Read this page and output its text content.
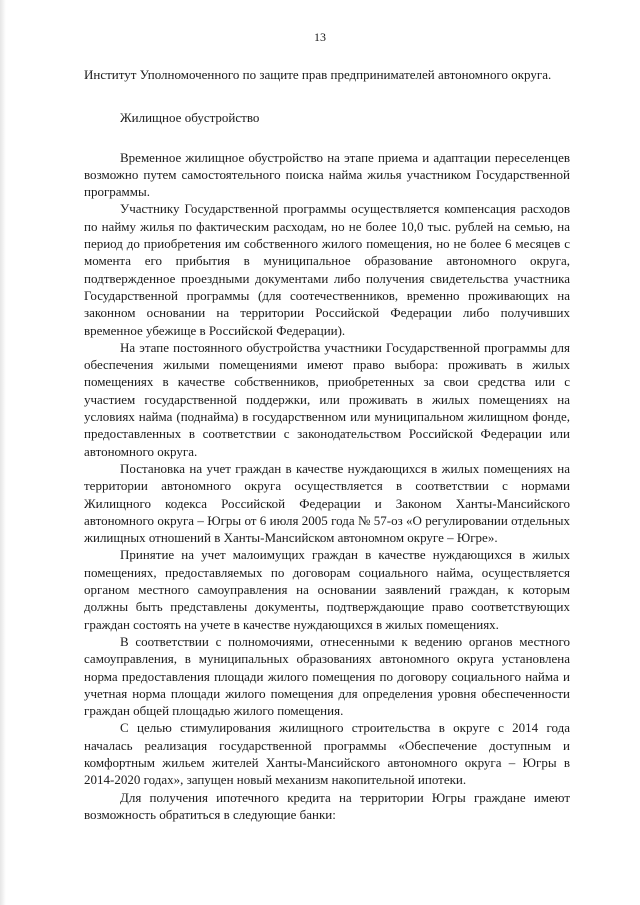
13

Институт Уполномоченного по защите прав предпринимателей автономного округа.

Жилищное обустройство

Временное жилищное обустройство на этапе приема и адаптации переселенцев возможно путем самостоятельного поиска найма жилья участником Государственной программы.

Участнику Государственной программы осуществляется компенсация расходов по найму жилья по фактическим расходам, но не более 10,0 тыс. рублей на семью, на период до приобретения им собственного жилого помещения, но не более 6 месяцев с момента его прибытия в муниципальное образование автономного округа, подтвержденное проездными документами либо получения свидетельства участника Государственной программы (для соотечественников, временно проживающих на законном основании на территории Российской Федерации либо получивших временное убежище в Российской Федерации).

На этапе постоянного обустройства участники Государственной программы для обеспечения жилыми помещениями имеют право выбора: проживать в жилых помещениях в качестве собственников, приобретенных за свои средства или с участием государственной поддержки, или проживать в жилых помещениях на условиях найма (поднайма) в государственном или муниципальном жилищном фонде, предоставленных в соответствии с законодательством Российской Федерации или автономного округа.

Постановка на учет граждан в качестве нуждающихся в жилых помещениях на территории автономного округа осуществляется в соответствии с нормами Жилищного кодекса Российской Федерации и Законом Ханты-Мансийского автономного округа – Югры от 6 июля 2005 года № 57-оз «О регулировании отдельных жилищных отношений в Ханты-Мансийском автономном округе – Югре».

Принятие на учет малоимущих граждан в качестве нуждающихся в жилых помещениях, предоставляемых по договорам социального найма, осуществляется органом местного самоуправления на основании заявлений граждан, к которым должны быть представлены документы, подтверждающие право соответствующих граждан состоять на учете в качестве нуждающихся в жилых помещениях.

В соответствии с полномочиями, отнесенными к ведению органов местного самоуправления, в муниципальных образованиях автономного округа установлена норма предоставления площади жилого помещения по договору социального найма и учетная норма площади жилого помещения для определения уровня обеспеченности граждан общей площадью жилого помещения.

С целью стимулирования жилищного строительства в округе с 2014 года началась реализация государственной программы «Обеспечение доступным и комфортным жильем жителей Ханты-Мансийского автономного округа – Югры в 2014-2020 годах», запущен новый механизм накопительной ипотеки.

Для получения ипотечного кредита на территории Югры граждане имеют возможность обратиться в следующие банки:
